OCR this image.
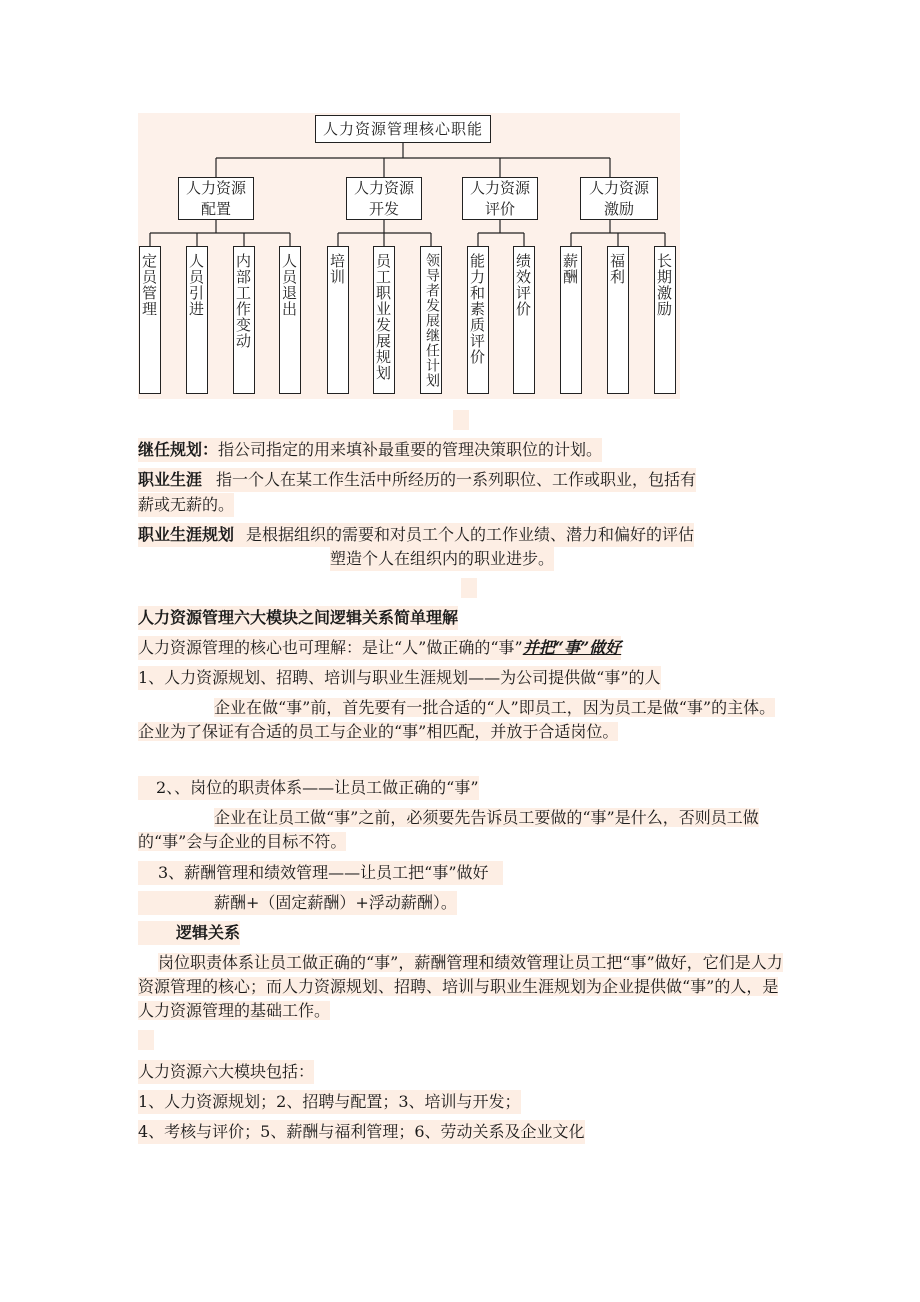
人力资源管理核心职能
人力资源
配置
人力资源
开发
人力资源
评价
人力资源
激励
定员管理 人员引进 内部工作变动 人员退出 培训 员工职业发展规划 领导者发展继任计划 能力和素质评价 绩效评价 薪酬 福利 长期激励
继任规划：指公司指定的用来填补最重要的管理决策职位的计划。
职业生涯 指一个人在某工作生活中所经历的一系列职位、工作或职业，包括有
薪或无薪的。
职业生涯规划 是根据组织的需要和对员工个人的工作业绩、潜力和偏好的评估
塑造个人在组织内的职业进步。
人力资源管理六大模块之间逻辑关系简单理解
人力资源管理的核心也可理解：是让“人”做正确的“事”并把“事”做好
1、人力资源规划、招聘、培训与职业生涯规划——为公司提供做“事”的人
企业在做“事”前，首先要有一批合适的“人”即员工，因为员工是做“事”的主体。企业为了保证有合适的员工与企业的“事”相匹配，并放于合适岗位。
2、、岗位的职责体系——让员工做正确的“事”
企业在让员工做“事”之前，必须要先告诉员工要做的“事”是什么，否则员工做的“事”会与企业的目标不符。
3、薪酬管理和绩效管理——让员工把“事”做好
薪酬+（固定薪酬）+浮动薪酬）。
逻辑关系
岗位职责体系让员工做正确的“事”，薪酬管理和绩效管理让员工把“事”做好，它们是人力资源管理的核心；而人力资源规划、招聘、培训与职业生涯规划为企业提供做“事”的人，是人力资源管理的基础工作。
人力资源六大模块包括：
1、人力资源规划；2、招聘与配置；3、培训与开发；
4、考核与评价；5、薪酬与福利管理；6、劳动关系及企业文化
